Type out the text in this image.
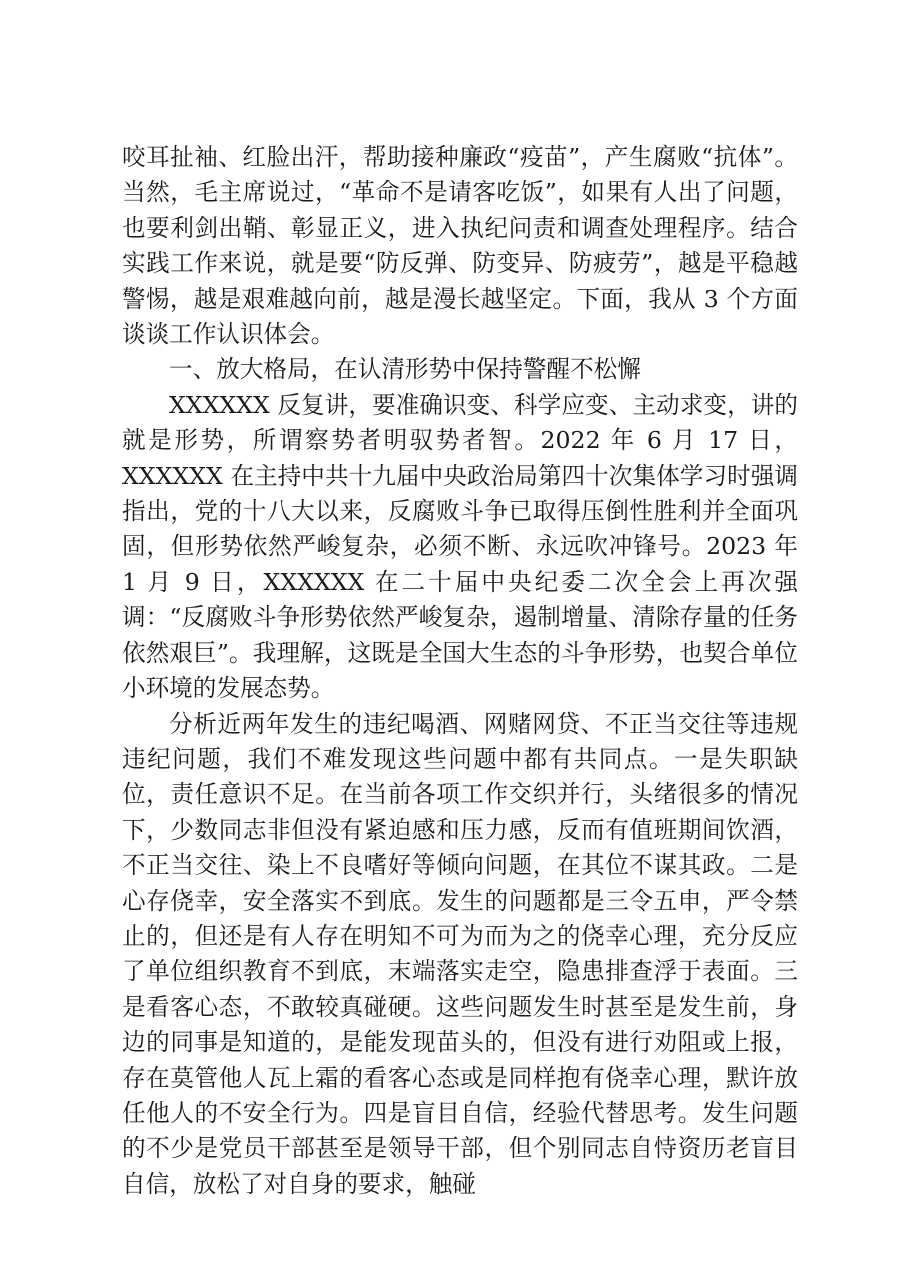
咬耳扯袖、红脸出汗，帮助接种廉政“疫苗”，产生腐败“抗体”。当然，毛主席说过，“革命不是请客吃饭”，如果有人出了问题，也要利剑出鞘、彰显正义，进入执纪问责和调查处理程序。结合实践工作来说，就是要“防反弹、防变异、防疲劳”，越是平稳越警惕，越是艰难越向前，越是漫长越坚定。下面，我从 3 个方面谈谈工作认识体会。

一、放大格局，在认清形势中保持警醒不松懈

XXXXXX 反复讲，要准确识变、科学应变、主动求变，讲的就是形势，所谓察势者明驭势者智。2022 年 6 月 17 日，XXXXXX 在主持中共十九届中央政治局第四十次集体学习时强调指出，党的十八大以来，反腐败斗争已取得压倒性胜利并全面巩固，但形势依然严峻复杂，必须不断、永远吹冲锋号。2023 年 1 月 9 日，XXXXXX 在二十届中央纪委二次全会上再次强调：“反腐败斗争形势依然严峻复杂，遏制增量、清除存量的任务依然艰巨”。我理解，这既是全国大生态的斗争形势，也契合单位小环境的发展态势。

分析近两年发生的违纪喝酒、网赌网贷、不正当交往等违规违纪问题，我们不难发现这些问题中都有共同点。一是失职缺位，责任意识不足。在当前各项工作交织并行，头绪很多的情况下，少数同志非但没有紧迫感和压力感，反而有值班期间饮酒，不正当交往、染上不良嗜好等倾向问题，在其位不谋其政。二是心存侥幸，安全落实不到底。发生的问题都是三令五申，严令禁止的，但还是有人存在明知不可为而为之的侥幸心理，充分反应了单位组织教育不到底，末端落实走空，隐患排查浮于表面。三是看客心态，不敢较真碰硬。这些问题发生时甚至是发生前，身边的同事是知道的，是能发现苗头的，但没有进行劝阻或上报，存在莫管他人瓦上霜的看客心态或是同样抱有侥幸心理，默许放任他人的不安全行为。四是盲目自信，经验代替思考。发生问题的不少是党员干部甚至是领导干部，但个别同志自恃资历老盲目自信，放松了对自身的要求，触碰
